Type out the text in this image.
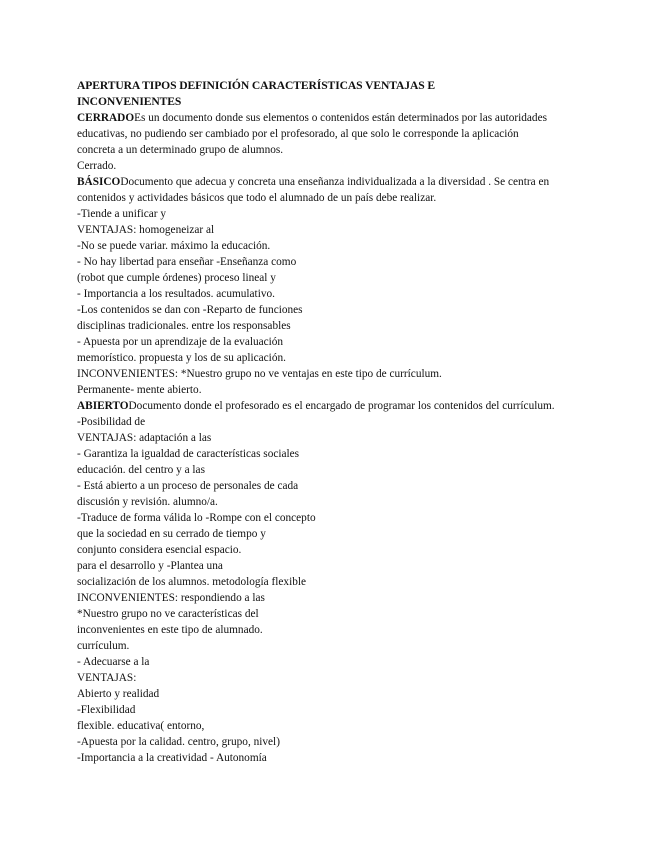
APERTURA TIPOS DEFINICIÓN CARACTERÍSTICAS VENTAJAS E
INCONVENIENTES
CERRADOEs un documento donde sus elementos o contenidos están determinados por las autoridades
educativas, no pudiendo ser cambiado por el profesorado, al que solo le corresponde la aplicación
concreta a un determinado grupo de alumnos.
Cerrado.
BÁSICODocumento que adecua y concreta una enseñanza individualizada a la diversidad . Se centra en
contenidos y actividades básicos que todo el alumnado de un país debe realizar.
-Tiende a unificar y
VENTAJAS: homogeneizar al
-No se puede variar. máximo la educación.
- No hay libertad para enseñar -Enseñanza como
(robot que cumple órdenes) proceso lineal y
- Importancia a los resultados. acumulativo.
-Los contenidos se dan con -Reparto de funciones
disciplinas tradicionales. entre los responsables
- Apuesta por un aprendizaje de la evaluación
memorístico. propuesta y los de su aplicación.
INCONVENIENTES: *Nuestro grupo no ve ventajas en este tipo de currículum.
Permanente- mente abierto.
ABIERTODocumento donde el profesorado es el encargado de programar los contenidos del currículum.
-Posibilidad de
VENTAJAS: adaptación a las
- Garantiza la igualdad de características sociales
educación. del centro y a las
- Está abierto a un proceso de personales de cada
discusión y revisión. alumno/a.
-Traduce de forma válida lo -Rompe con el concepto
que la sociedad en su cerrado de tiempo y
conjunto considera esencial espacio.
para el desarrollo y -Plantea una
socialización de los alumnos. metodología flexible
INCONVENIENTES: respondiendo a las
*Nuestro grupo no ve características del
inconvenientes en este tipo de alumnado.
currículum.
- Adecuarse a la
VENTAJAS:
Abierto y realidad
-Flexibilidad
flexible. educativa( entorno,
-Apuesta por la calidad. centro, grupo, nivel)
-Importancia a la creatividad - Autonomía
